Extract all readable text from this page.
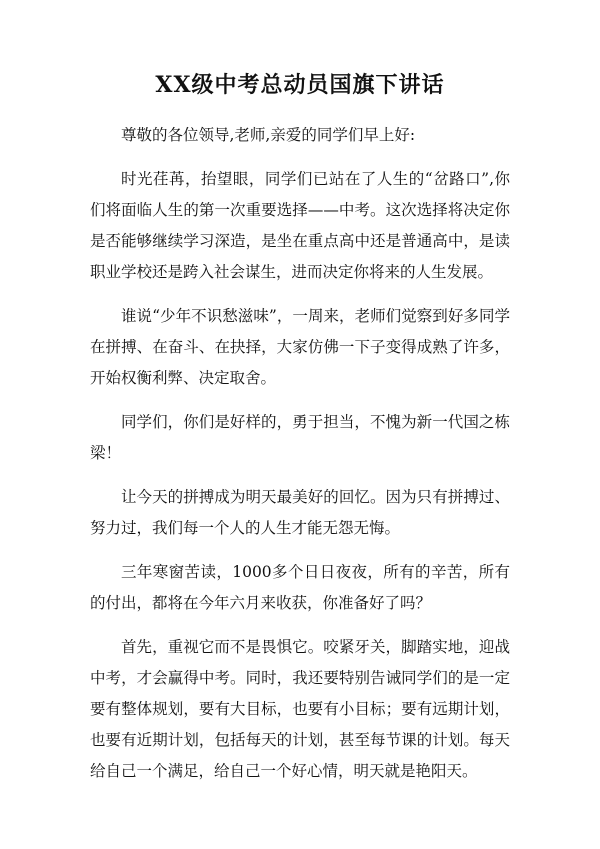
XX级中考总动员国旗下讲话

尊敬的各位领导,老师,亲爱的同学们早上好:

时光荏苒，抬望眼，同学们已站在了人生的“岔路口”,你们将面临人生的第一次重要选择——中考。这次选择将决定你是否能够继续学习深造，是坐在重点高中还是普通高中，是读职业学校还是跨入社会谋生，进而决定你将来的人生发展。

谁说“少年不识愁滋味”，一周来，老师们觉察到好多同学在拼搏、在奋斗、在抉择，大家仿佛一下子变得成熟了许多，开始权衡利弊、决定取舍。

同学们，你们是好样的，勇于担当，不愧为新一代国之栋梁！

让今天的拼搏成为明天最美好的回忆。因为只有拼搏过、努力过，我们每一个人的人生才能无怨无悔。

三年寒窗苦读，1000多个日日夜夜，所有的辛苦，所有的付出，都将在今年六月来收获，你准备好了吗？

首先，重视它而不是畏惧它。咬紧牙关，脚踏实地，迎战中考，才会赢得中考。同时，我还要特别告诫同学们的是一定要有整体规划，要有大目标，也要有小目标；要有远期计划，也要有近期计划，包括每天的计划，甚至每节课的计划。每天给自己一个满足，给自己一个好心情，明天就是艳阳天。
